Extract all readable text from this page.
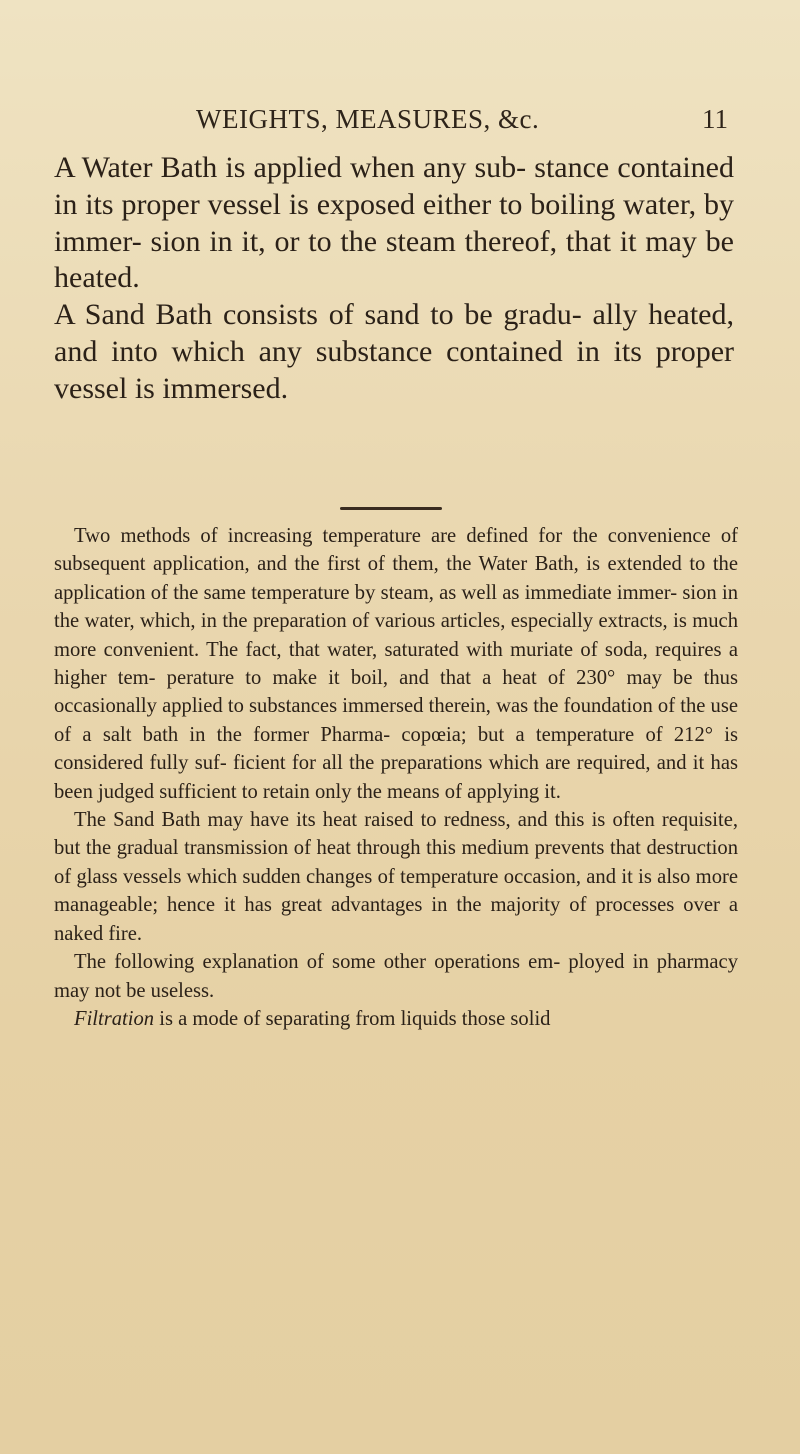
WEIGHTS, MEASURES, &c.	11

A Water Bath is applied when any sub- stance contained in its proper vessel is exposed either to boiling water, by immer- sion in it, or to the steam thereof, that it may be heated.

A Sand Bath consists of sand to be gradu- ally heated, and into which any substance contained in its proper vessel is immersed.

Two methods of increasing temperature are defined for the convenience of subsequent application, and the first of them, the Water Bath, is extended to the application of the same temperature by steam, as well as immediate immer- sion in the water, which, in the preparation of various articles, especially extracts, is much more convenient. The fact, that water, saturated with muriate of soda, requires a higher tem- perature to make it boil, and that a heat of 230° may be thus occasionally applied to substances immersed therein, was the foundation of the use of a salt bath in the former Pharma- copœia; but a temperature of 212° is considered fully suf- ficient for all the preparations which are required, and it has been judged sufficient to retain only the means of applying it.

The Sand Bath may have its heat raised to redness, and this is often requisite, but the gradual transmission of heat through this medium prevents that destruction of glass vessels which sudden changes of temperature occasion, and it is also more manageable; hence it has great advantages in the majority of processes over a naked fire.

The following explanation of some other operations em- ployed in pharmacy may not be useless.

Filtration is a mode of separating from liquids those solid
